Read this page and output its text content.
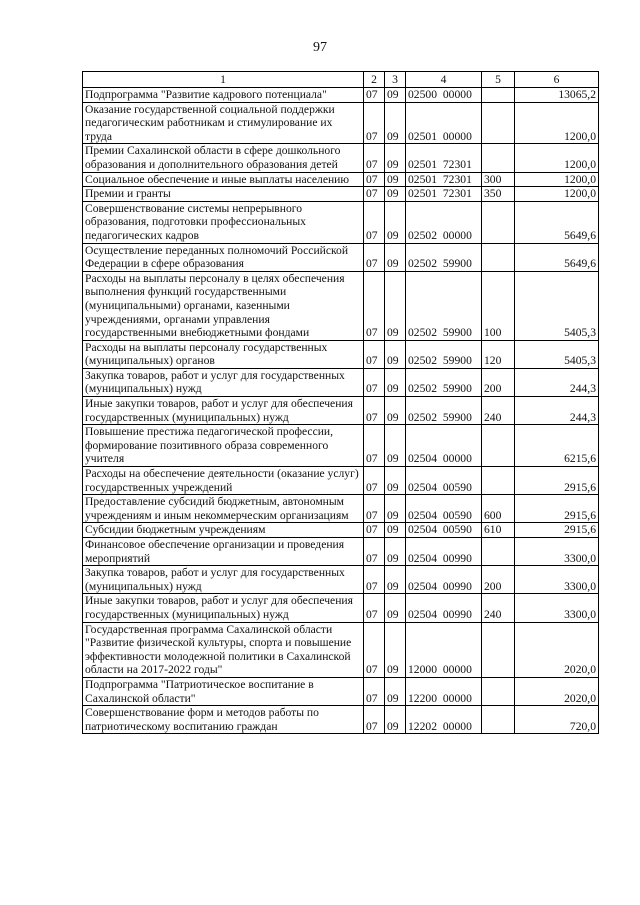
97
1	2	3	4	5	6
Подпрограмма "Развитие кадрового потенциала"	07	09	02500 00000		13065,2
Оказание государственной социальной поддержки педагогическим работникам и стимулирование их труда	07	09	02501 00000		1200,0
Премии Сахалинской области в сфере дошкольного образования и дополнительного образования детей	07	09	02501 72301		1200,0
Социальное обеспечение и иные выплаты населению	07	09	02501 72301	300	1200,0
Премии и гранты	07	09	02501 72301	350	1200,0
Совершенствование системы непрерывного образования, подготовки профессиональных педагогических кадров	07	09	02502 00000		5649,6
Осуществление переданных полномочий Российской Федерации в сфере образования	07	09	02502 59900		5649,6
Расходы на выплаты персоналу в целях обеспечения выполнения функций государственными (муниципальными) органами, казенными учреждениями, органами управления государственными внебюджетными фондами	07	09	02502 59900	100	5405,3
Расходы на выплаты персоналу государственных (муниципальных) органов	07	09	02502 59900	120	5405,3
Закупка товаров, работ и услуг для государственных (муниципальных) нужд	07	09	02502 59900	200	244,3
Иные закупки товаров, работ и услуг для обеспечения государственных (муниципальных) нужд	07	09	02502 59900	240	244,3
Повышение престижа педагогической профессии, формирование позитивного образа современного учителя	07	09	02504 00000		6215,6
Расходы на обеспечение деятельности (оказание услуг) государственных учреждений	07	09	02504 00590		2915,6
Предоставление субсидий бюджетным, автономным учреждениям и иным некоммерческим организациям	07	09	02504 00590	600	2915,6
Субсидии бюджетным учреждениям	07	09	02504 00590	610	2915,6
Финансовое обеспечение организации и проведения мероприятий	07	09	02504 00990		3300,0
Закупка товаров, работ и услуг для государственных (муниципальных) нужд	07	09	02504 00990	200	3300,0
Иные закупки товаров, работ и услуг для обеспечения государственных (муниципальных) нужд	07	09	02504 00990	240	3300,0
Государственная программа Сахалинской области "Развитие физической культуры, спорта и повышение эффективности молодежной политики в Сахалинской области на 2017-2022 годы"	07	09	12000 00000		2020,0
Подпрограмма "Патриотическое воспитание в Сахалинской области"	07	09	12200 00000		2020,0
Совершенствование форм и методов работы по патриотическому воспитанию граждан	07	09	12202 00000		720,0
